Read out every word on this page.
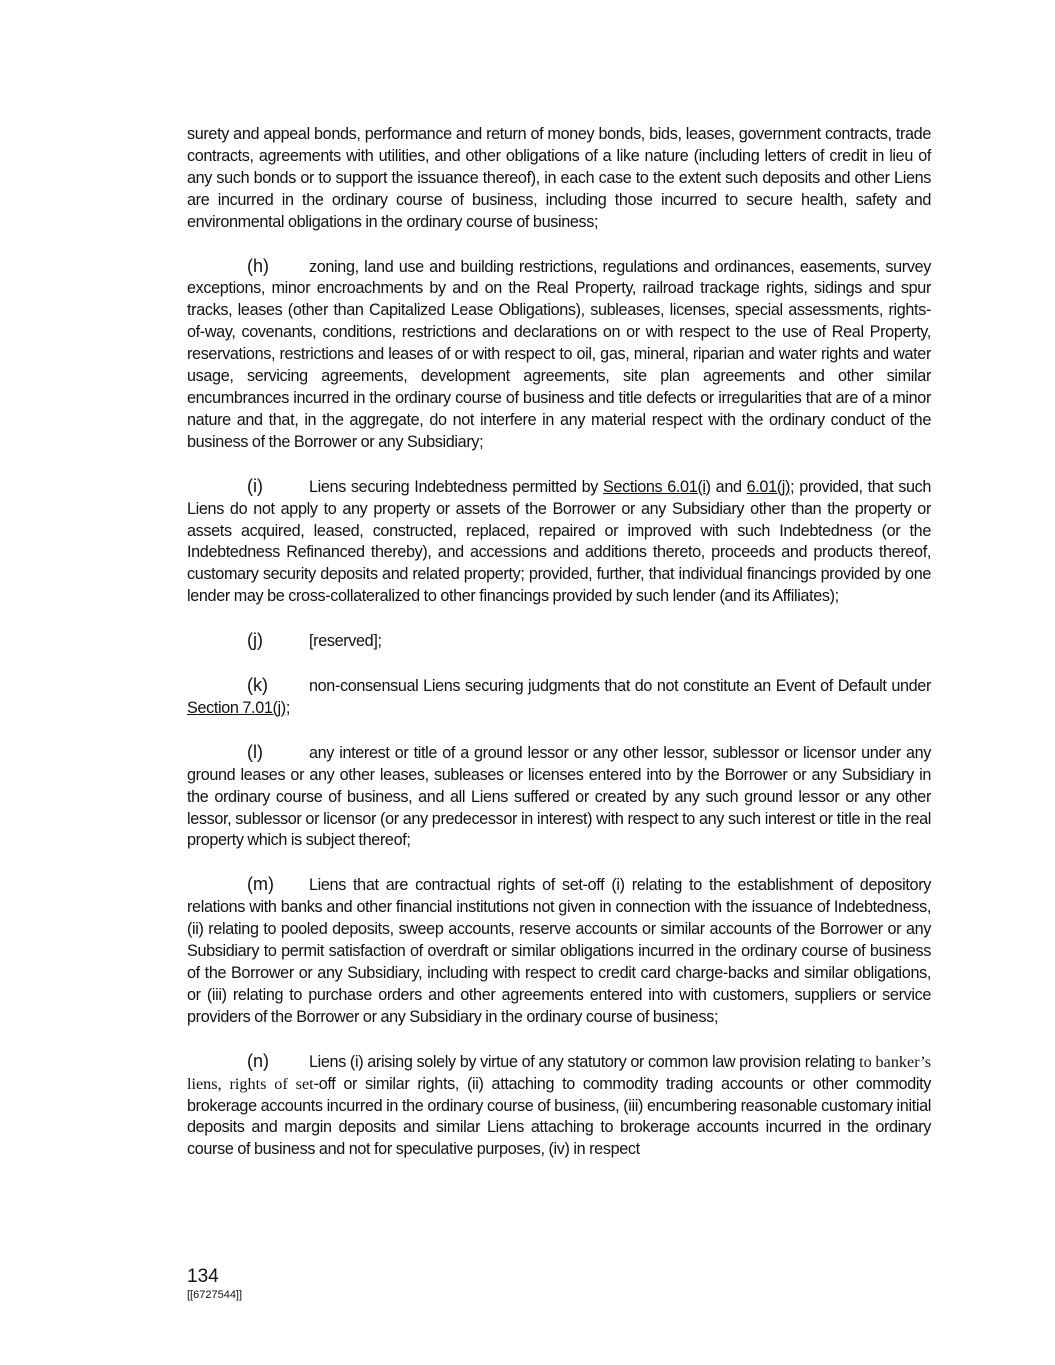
surety and appeal bonds, performance and return of money bonds, bids, leases, government contracts, trade contracts, agreements with utilities, and other obligations of a like nature (including letters of credit in lieu of any such bonds or to support the issuance thereof), in each case to the extent such deposits and other Liens are incurred in the ordinary course of business, including those incurred to secure health, safety and environmental obligations in the ordinary course of business;

(h) zoning, land use and building restrictions, regulations and ordinances, easements, survey exceptions, minor encroachments by and on the Real Property, railroad trackage rights, sidings and spur tracks, leases (other than Capitalized Lease Obligations), subleases, licenses, special assessments, rights-of-way, covenants, conditions, restrictions and declarations on or with respect to the use of Real Property, reservations, restrictions and leases of or with respect to oil, gas, mineral, riparian and water rights and water usage, servicing agreements, development agreements, site plan agreements and other similar encumbrances incurred in the ordinary course of business and title defects or irregularities that are of a minor nature and that, in the aggregate, do not interfere in any material respect with the ordinary conduct of the business of the Borrower or any Subsidiary;

(i)	Liens securing Indebtedness permitted by Sections 6.01(i) and 6.01(j); provided, that such Liens do not apply to any property or assets of the Borrower or any Subsidiary other than the property or assets acquired, leased, constructed, replaced, repaired or improved with such Indebtedness (or the Indebtedness Refinanced thereby), and accessions and additions thereto, proceeds and products thereof, customary security deposits and related property; provided, further, that individual financings provided by one lender may be cross-collateralized to other financings provided by such lender (and its Affiliates);

(j)	[reserved];

(k)	non-consensual Liens securing judgments that do not constitute an Event of Default under Section 7.01(j);

(l)	any interest or title of a ground lessor or any other lessor, sublessor or licensor under any ground leases or any other leases, subleases or licenses entered into by the Borrower or any Subsidiary in the ordinary course of business, and all Liens suffered or created by any such ground lessor or any other lessor, sublessor or licensor (or any predecessor in interest) with respect to any such interest or title in the real property which is subject thereof;

(m) Liens that are contractual rights of set-off (i) relating to the establishment of depository relations with banks and other financial institutions not given in connection with the issuance of Indebtedness, (ii) relating to pooled deposits, sweep accounts, reserve accounts or similar accounts of the Borrower or any Subsidiary to permit satisfaction of overdraft or similar obligations incurred in the ordinary course of business of the Borrower or any Subsidiary, including with respect to credit card charge-backs and similar obligations, or (iii) relating to purchase orders and other agreements entered into with customers, suppliers or service providers of the Borrower or any Subsidiary in the ordinary course of business;

(n) Liens (i) arising solely by virtue of any statutory or common law provision relating to banker’s liens, rights of set-off or similar rights, (ii) attaching to commodity trading accounts or other commodity brokerage accounts incurred in the ordinary course of business, (iii) encumbering reasonable customary initial deposits and margin deposits and similar Liens attaching to brokerage accounts incurred in the ordinary course of business and not for speculative purposes, (iv) in respect

134

[[6727544]]
